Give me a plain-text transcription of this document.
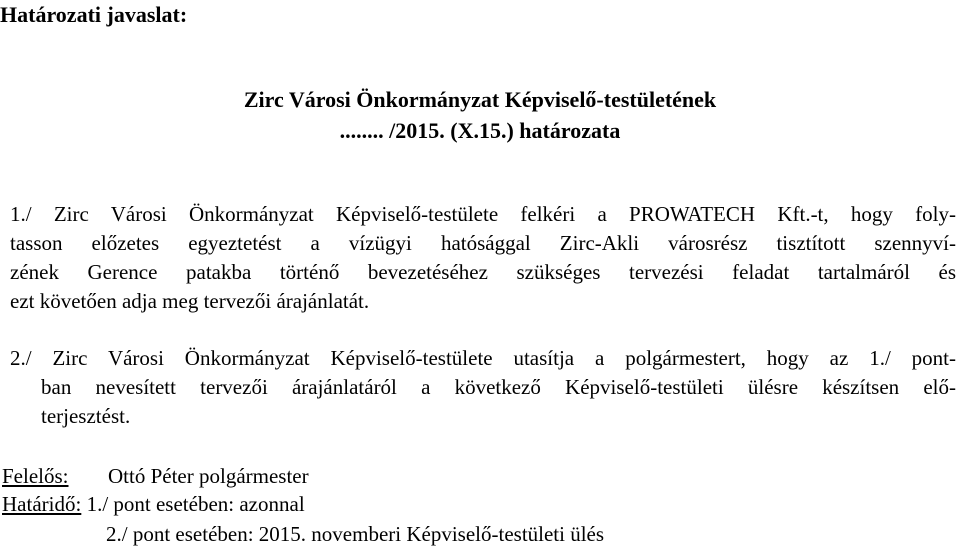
Határozati javaslat:
Zirc Városi Önkormányzat Képviselő-testületének
........ /2015. (X.15.) határozata
1./ Zirc Városi Önkormányzat Képviselő-testülete felkéri a PROWATECH Kft.-t, hogy foly-
tasson előzetes egyeztetést a vízügyi hatósággal Zirc-Akli városrész tisztított szennyví-
zének Gerence patakba történő bevezetéséhez szükséges tervezési feladat tartalmáról és
ezt követően adja meg tervezői árajánlatát.
2./ Zirc Városi Önkormányzat Képviselő-testülete utasítja a polgármestert, hogy az 1./ pont-
ban nevesített tervezői árajánlatáról a következő Képviselő-testületi ülésre készítsen elő-
terjesztést.
Felelős: Ottó Péter polgármester
Határidő: 1./ pont esetében: azonnal
2./ pont esetében: 2015. novemberi Képviselő-testületi ülés
